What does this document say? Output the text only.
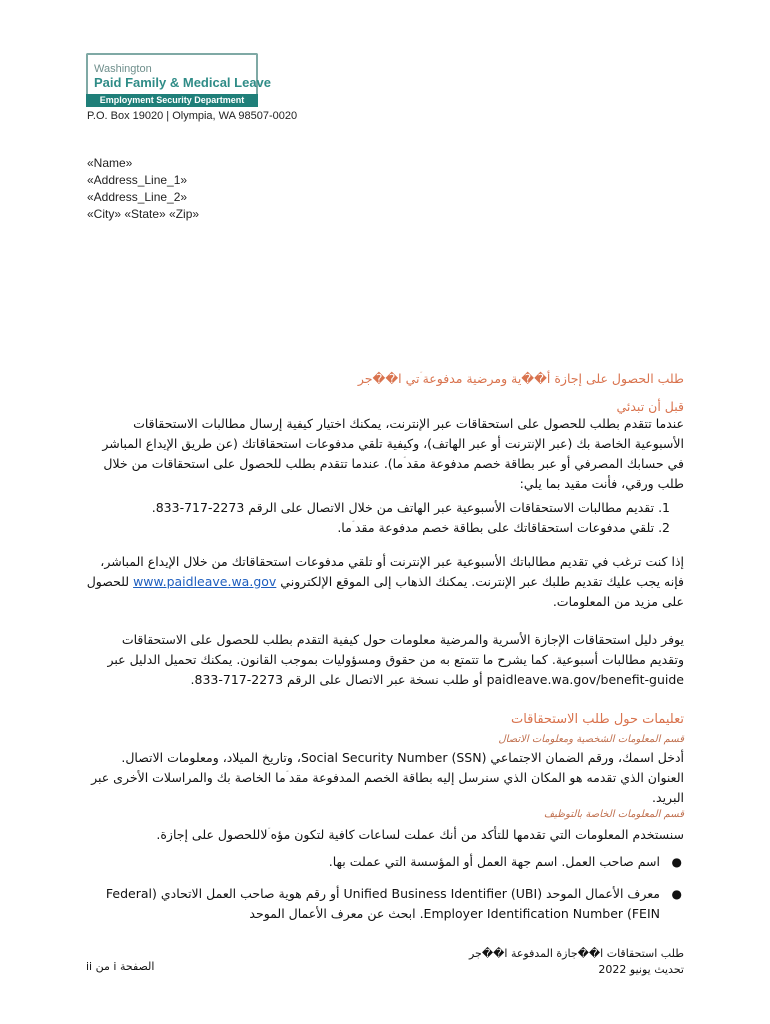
Washington
Paid Family & Medical Leave
Employment Security Department
P.O. Box 19020 | Olympia, WA 98507-0020
«Name»
«Address_Line_1»
«Address_Line_2»
«City» «State» «Zip»
طلب الحصول على إجازة أ��ية ومرضية مدفوعة ۤتي ا��جر
قبل أن تبدئي
عندما تتقدم بطلب للحصول على استحقاقات عبر الإنترنت، يمكنك اختيار كيفية إرسال مطالبات الاستحقاقات الأسبوعية الخاصة بك (عبر الإنترنت أو عبر الهاتف)، وكيفية تلقي مدفوعات استحقاقاتك (عن طريق الإيداع المباشر في حسابك المصرفي أو عبر بطاقة خصم مدفوعة مقد ۤما). عندما تتقدم بطلب للحصول على استحقاقات من خلال طلب ورقي، فأنت مقيد بما يلي:
1. تقديم مطالبات الاستحقاقات الأسبوعية عبر الهاتف من خلال الاتصال على الرقم 2273-717-833.
2. تلقي مدفوعات استحقاقاتك على بطاقة خصم مدفوعة مقد ۤما.
إذا كنت ترغب في تقديم مطالباتك الأسبوعية عبر الإنترنت أو تلقي مدفوعات استحقاقاتك من خلال الإيداع المباشر، فإنه يجب عليك تقديم طلبك عبر الإنترنت. يمكنك الذهاب إلى الموقع الإلكتروني www.paidleave.wa.gov للحصول على مزيد من المعلومات.
يوفر دليل استحقاقات الإجازة الأسرية والمرضية معلومات حول كيفية التقدم بطلب للحصول على الاستحقاقات وتقديم مطالبات أسبوعية. كما يشرح ما تتمتع به من حقوق ومسؤوليات بموجب القانون. يمكنك تحميل الدليل عبر paidleave.wa.gov/benefit-guide أو طلب نسخة عبر الاتصال على الرقم 2273-717-833.
تعليمات حول طلب الاستحقاقات
قسم المعلومات الشخصية ومعلومات الاتصال
أدخل اسمك، ورقم الضمان الاجتماعي (Social Security Number (SSN، وتاريخ الميلاد، ومعلومات الاتصال. العنوان الذي تقدمه هو المكان الذي سنرسل إليه بطاقة الخصم المدفوعة مقد ۤما الخاصة بك والمراسلات الأخرى عبر البريد.
قسم المعلومات الخاصة بالتوظيف
سنستخدم المعلومات التي تقدمها للتأكد من أنك عملت لساعات كافية لتكون مؤه ۤلاللحصول على إجازة.
●
اسم صاحب العمل. اسم جهة العمل أو المؤسسة التي عملت بها.
●
معرف الأعمال الموحد (Unified Business Identifier (UBI أو رقم هوية صاحب العمل الاتحادي (Federal Employer Identification Number (FEIN. ابحث عن معرف الأعمال الموحد
طلب استحقاقات ا��جازة المدفوعة ا��جر
تحديث يونيو 2022
الصفحة i من ii
